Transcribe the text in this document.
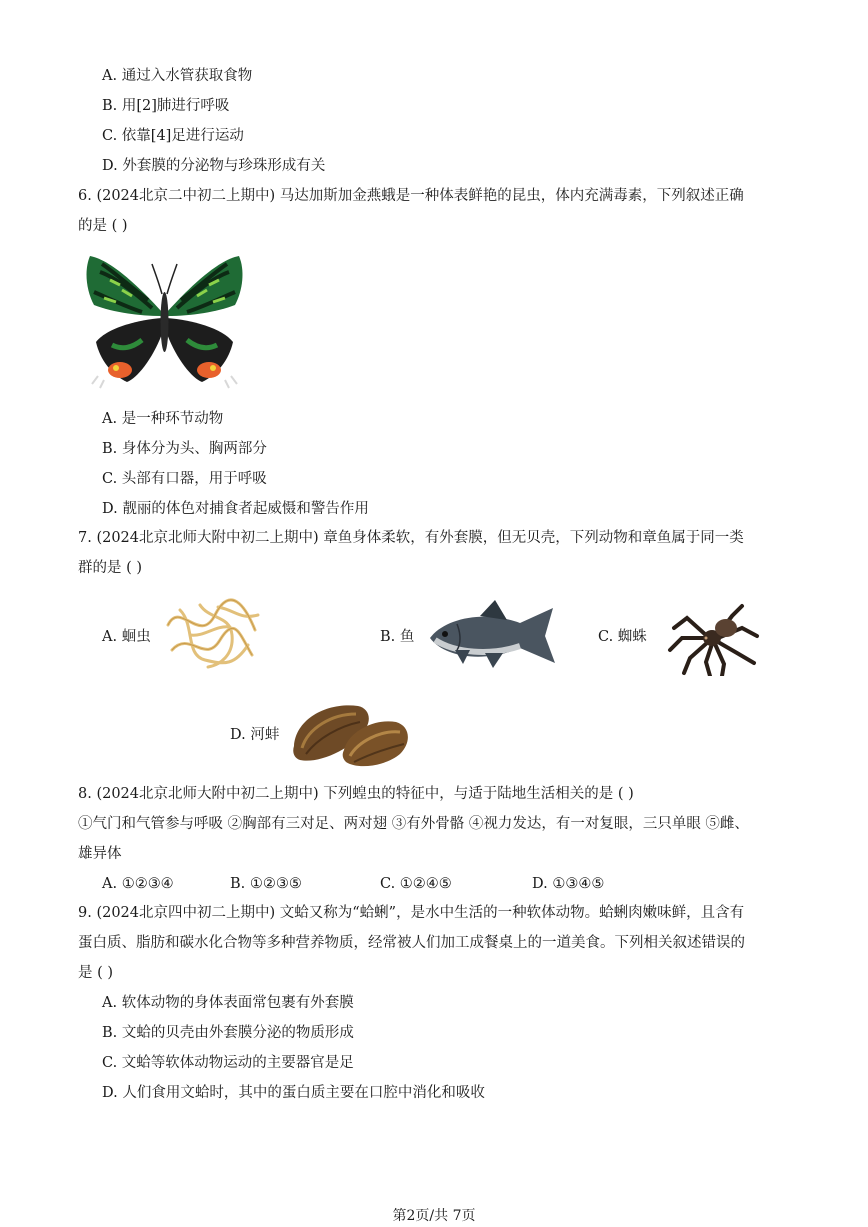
A. 通过入水管获取食物
B. 用[2]肺进行呼吸
C. 依靠[4]足进行运动
D. 外套膜的分泌物与珍珠形成有关
6. (2024北京二中初二上期中) 马达加斯加金燕蛾是一种体表鲜艳的昆虫，体内充满毒素，下列叙述正确
的是 ( )
A. 是一种环节动物
B. 身体分为头、胸两部分
C. 头部有口器，用于呼吸
D. 靓丽的体色对捕食者起威慑和警告作用
7. (2024北京北师大附中初二上期中) 章鱼身体柔软，有外套膜，但无贝壳，下列动物和章鱼属于同一类
群的是 ( )
A. 蛔虫	B. 鱼	C. 蜘蛛
D. 河蚌
8. (2024北京北师大附中初二上期中) 下列蝗虫的特征中，与适于陆地生活相关的是 ( )
①气门和气管参与呼吸 ②胸部有三对足、两对翅 ③有外骨骼 ④视力发达，有一对复眼，三只单眼 ⑤雌、
雄异体
A. ①②③④	B. ①②③⑤	C. ①②④⑤	D. ①③④⑤
9. (2024北京四中初二上期中) 文蛤又称为“蛤蜊”，是水中生活的一种软体动物。蛤蜊肉嫩味鲜，且含有
蛋白质、脂肪和碳水化合物等多种营养物质，经常被人们加工成餐桌上的一道美食。下列相关叙述错误的
是 ( )
A. 软体动物的身体表面常包裹有外套膜
B. 文蛤的贝壳由外套膜分泌的物质形成
C. 文蛤等软体动物运动的主要器官是足
D. 人们食用文蛤时，其中的蛋白质主要在口腔中消化和吸收
第2页/共 7页
